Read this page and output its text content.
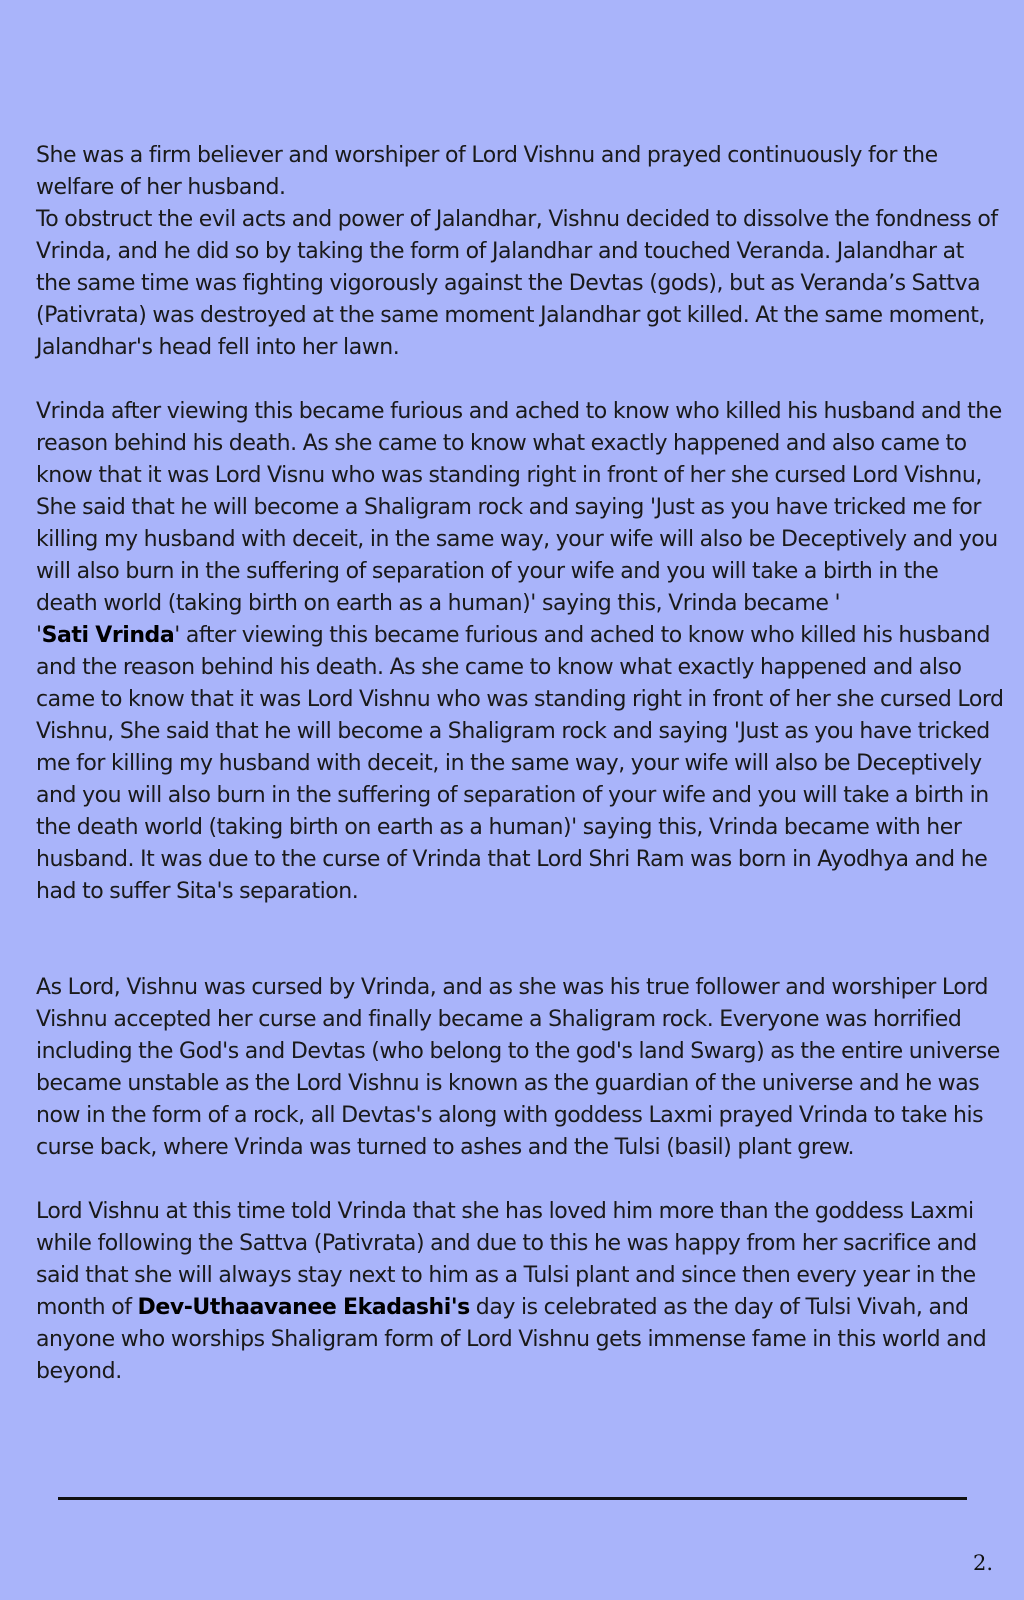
She was a firm believer and worshiper of Lord Vishnu and prayed continuously for the welfare of her husband.

To obstruct the evil acts and power of Jalandhar, Vishnu decided to dissolve the fondness of Vrinda, and he did so by taking the form of Jalandhar and touched Veranda. Jalandhar at the same time was fighting vigorously against the Devtas (gods), but as Veranda’s Sattva (Pativrata) was destroyed at the same moment Jalandhar got killed. At the same moment, Jalandhar's head fell into her lawn.

Vrinda after viewing this became furious and ached to know who killed his husband and the reason behind his death. As she came to know what exactly happened and also came to know that it was Lord Visnu who was standing right in front of her she cursed Lord Vishnu, She said that he will become a Shaligram rock and saying 'Just as you have tricked me for killing my husband with deceit, in the same way, your wife will also be Deceptively and you will also burn in the suffering of separation of your wife and you will take a birth in the death world (taking birth on earth as a human)' saying this, Vrinda became '

'Sati Vrinda' after viewing this became furious and ached to know who killed his husband and the reason behind his death. As she came to know what exactly happened and also came to know that it was Lord Vishnu who was standing right in front of her she cursed Lord Vishnu, She said that he will become a Shaligram rock and saying 'Just as you have tricked me for killing my husband with deceit, in the same way, your wife will also be Deceptively and you will also burn in the suffering of separation of your wife and you will take a birth in the death world (taking birth on earth as a human)' saying this, Vrinda became with her husband. It was due to the curse of Vrinda that Lord Shri Ram was born in Ayodhya and he had to suffer Sita's separation.

As Lord, Vishnu was cursed by Vrinda, and as she was his true follower and worshiper Lord Vishnu accepted her curse and finally became a Shaligram rock. Everyone was horrified including the God's and Devtas (who belong to the god's land Swarg) as the entire universe became unstable as the Lord Vishnu is known as the guardian of the universe and he was now in the form of a rock, all Devtas's along with goddess Laxmi prayed Vrinda to take his curse back, where Vrinda was turned to ashes and the Tulsi (basil) plant grew.

Lord Vishnu at this time told Vrinda that she has loved him more than the goddess Laxmi while following the Sattva (Pativrata) and due to this he was happy from her sacrifice and said that she will always stay next to him as a Tulsi plant and since then every year in the month of Dev-Uthaavanee Ekadashi's day is celebrated as the day of Tulsi Vivah, and anyone who worships Shaligram form of Lord Vishnu gets immense fame in this world and beyond.

2.
